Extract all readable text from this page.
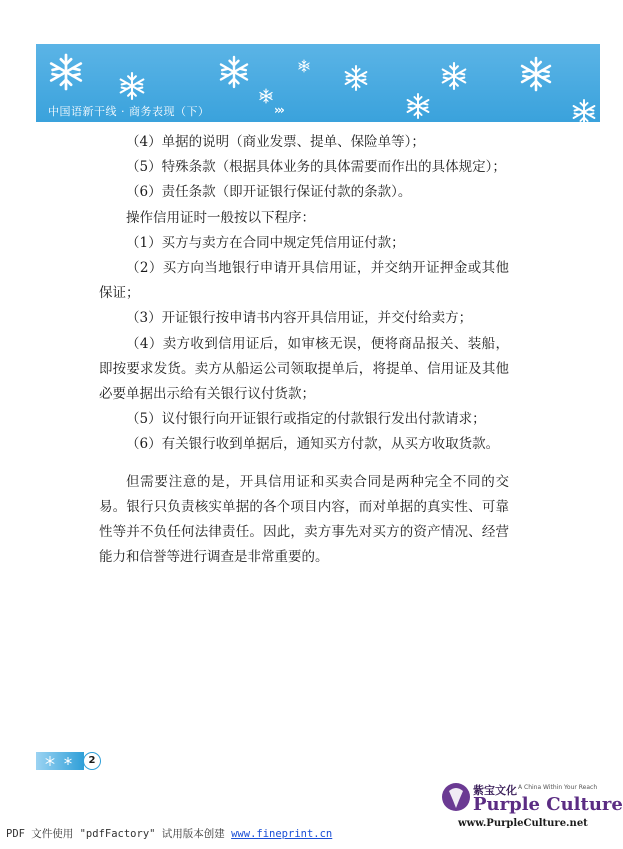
中国语新干线 · 商务表现（下）	›››

（4）单据的说明（商业发票、提单、保险单等）；

（5）特殊条款（根据具体业务的具体需要而作出的具体规定）；

（6）责任条款（即开证银行保证付款的条款）。

操作信用证时一般按以下程序：

（1）买方与卖方在合同中规定凭信用证付款；

（2）买方向当地银行申请开具信用证，并交纳开证押金或其他保证；

（3）开证银行按申请书内容开具信用证，并交付给卖方；

（4）卖方收到信用证后，如审核无误，便将商品报关、装船，即按要求发货。卖方从船运公司领取提单后，将提单、信用证及其他必要单据出示给有关银行议付货款；

（5）议付银行向开证银行或指定的付款银行发出付款请求；

（6）有关银行收到单据后，通知买方付款，从买方收取货款。

但需要注意的是，开具信用证和买卖合同是两种完全不同的交易。银行只负责核实单据的各个项目内容，而对单据的真实性、可靠性等并不负任何法律责任。因此，卖方事先对买方的资产情况、经营能力和信誉等进行调查是非常重要的。

2
紫宝文化 A China Within Your Reach
Purple Culture
www.PurpleCulture.net
PDF 文件使用 "pdfFactory" 试用版本创建 www.fineprint.cn
